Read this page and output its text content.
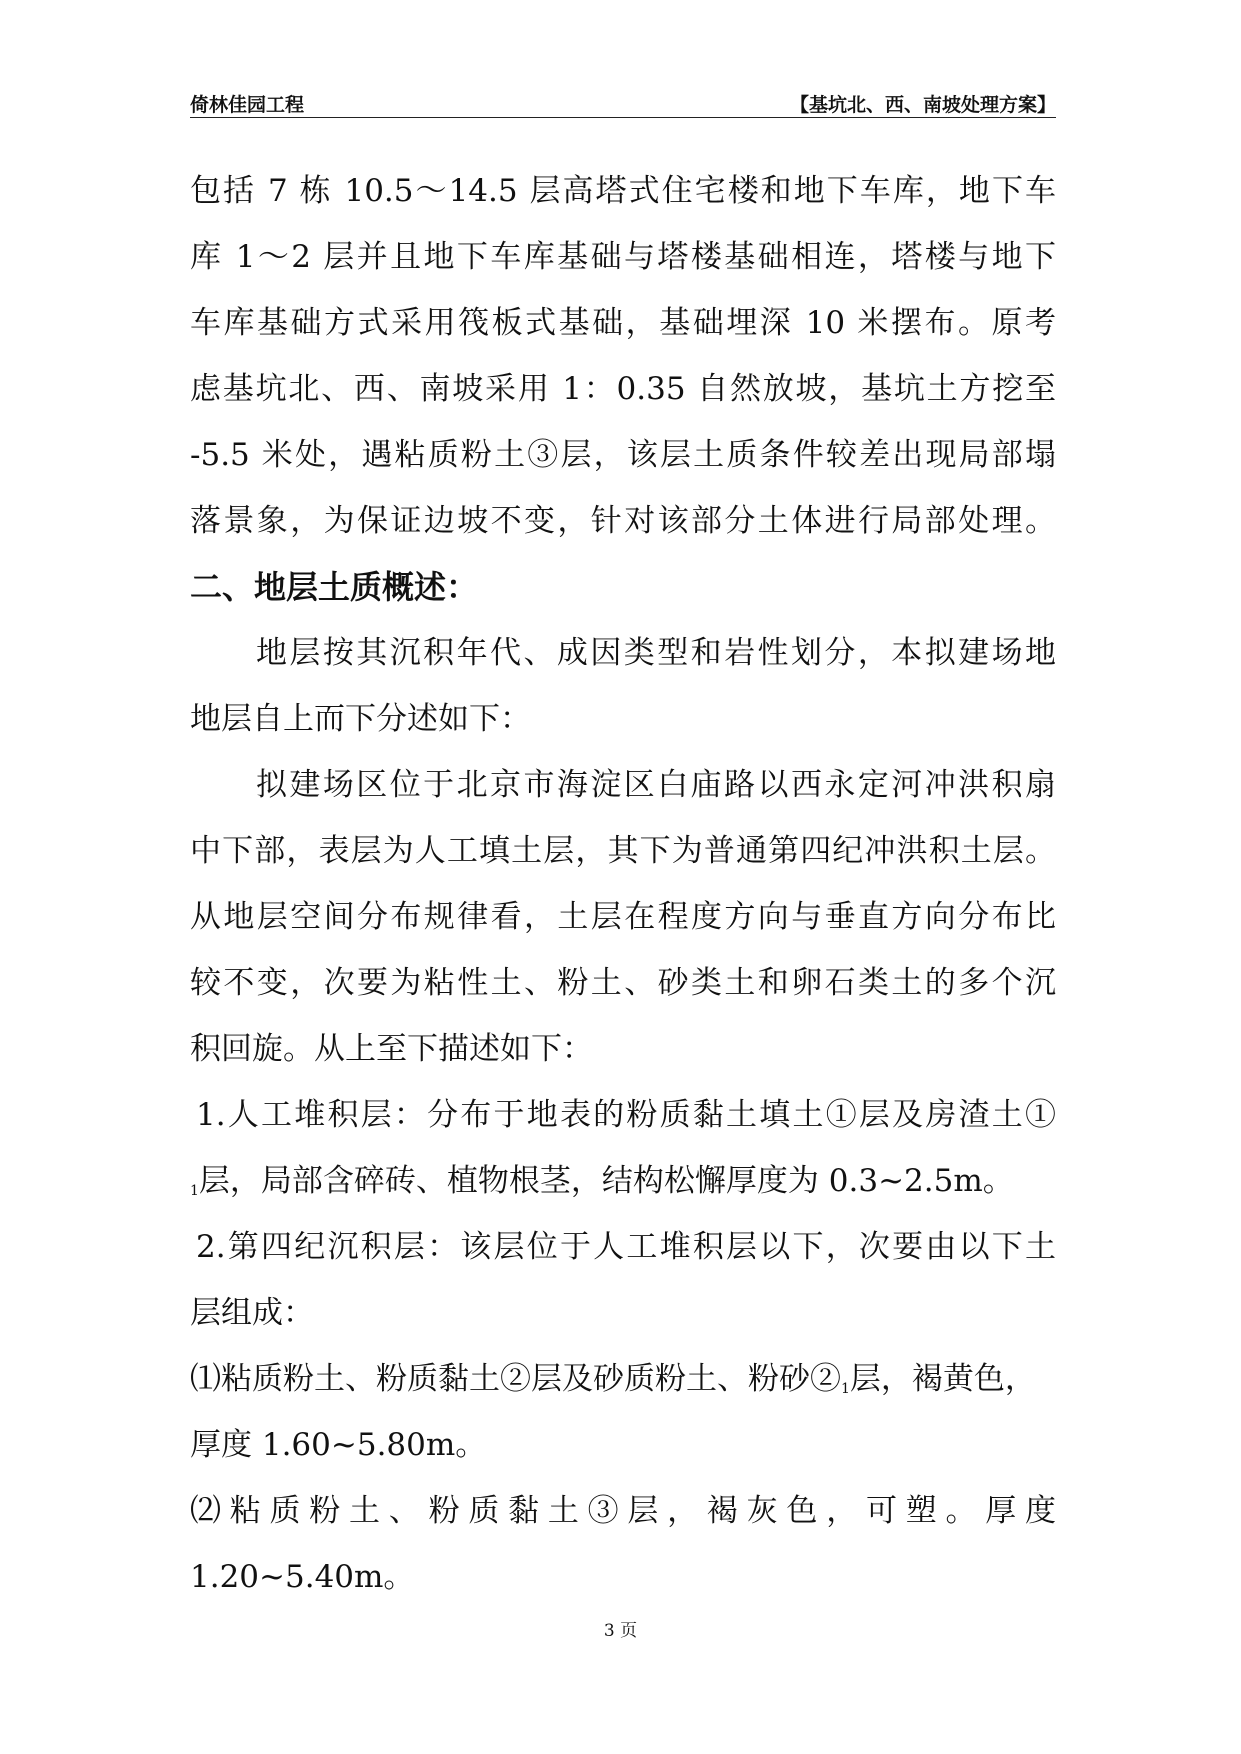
倚林佳园工程	【基坑北、西、南坡处理方案】
包括 7 栋 10.5～14.5 层高塔式住宅楼和地下车库，地下车
库 1～2 层并且地下车库基础与塔楼基础相连，塔楼与地下
车库基础方式采用筏板式基础，基础埋深 10 米摆布。原考
虑基坑北、西、南坡采用 1：0.35 自然放坡，基坑土方挖至
-5.5 米处，遇粘质粉土③层，该层土质条件较差出现局部塌
落景象，为保证边坡不变，针对该部分土体进行局部处理。
二、地层土质概述：
地层按其沉积年代、成因类型和岩性划分，本拟建场地
地层自上而下分述如下：
拟建场区位于北京市海淀区白庙路以西永定河冲洪积扇
中下部，表层为人工填土层，其下为普通第四纪冲洪积土层。
从地层空间分布规律看，土层在程度方向与垂直方向分布比
较不变，次要为粘性土、粉土、砂类土和卵石类土的多个沉
积回旋。从上至下描述如下：
1.人工堆积层：分布于地表的粉质黏土填土①层及房渣土①
$_1$层，局部含碎砖、植物根茎，结构松懈厚度为 0.3~2.5m。
2.第四纪沉积层：该层位于人工堆积层以下，次要由以下土
层组成：
⑴粘质粉土、粉质黏土②层及砂质粉土、粉砂$②_1$层，褐黄色，
厚度 1.60~5.80m。
⑵粘质粉土、粉质黏土③层，褐灰色，可塑。厚度
1.20~5.40m。
3 页
